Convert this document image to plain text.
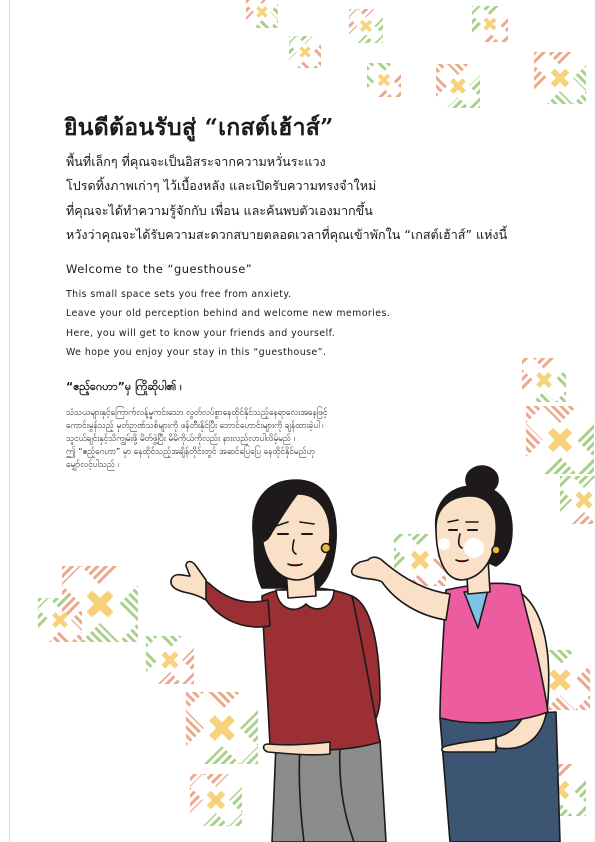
ยินดีต้อนรับสู่ “เกสต์เฮ้าส์”
พื้นที่เล็กๆ ที่คุณจะเป็นอิสระจากความหวั่นระแวง
โปรดทิ้งภาพเก่าๆ ไว้เบื้องหลัง และเปิดรับความทรงจำใหม่
ที่คุณจะได้ทำความรู้จักกับ เพื่อน และค้นพบตัวเองมากขึ้น
หวังว่าคุณจะได้รับความสะดวกสบายตลอดเวลาที่คุณเข้าพักใน “เกสต์เฮ้าส์” แห่งนี้
Welcome to the “guesthouse”
This small space sets you free from anxiety.
Leave your old perception behind and welcome new memories.
Here, you will get to know your friends and yourself.
We hope you enjoy your stay in this “guesthouse”.
“ဧည့်ဂေဟာ”မှ ကြိုဆိုပါ၏ ၊
သံသယများနှင့်ကြောက်လန့်မှုကင်းသော လွတ်လပ်စွာနေထိုင်နိုင်သည့်နေရာလေးအနေဖြင့်
ကောင်းမွန်သည့် မှတ်ဉာဏ်သစ်များကို ဖန်တီးနိုင်ပြီး ဘောင်ဟောင်းများကို ချန်ထားခဲ့ပါ ၊
သူငယ်ချင်းနှင့်သိကျွမ်းဖို့ မိတ်ဖွဲ့ပြီး မိမိကိုယ်ကိုလည်း နားလည်လာပါလိမ့်မည် ၊
ဤ “ဧည့်ဂေဟာ” မှာ နေထိုင်သည့်အချိန်တိုင်းတွင် အဆင်ပြေပြေ နေထိုင်နိုင်မည်ဟု
မျှော်လင့်ပါသည် ၊
